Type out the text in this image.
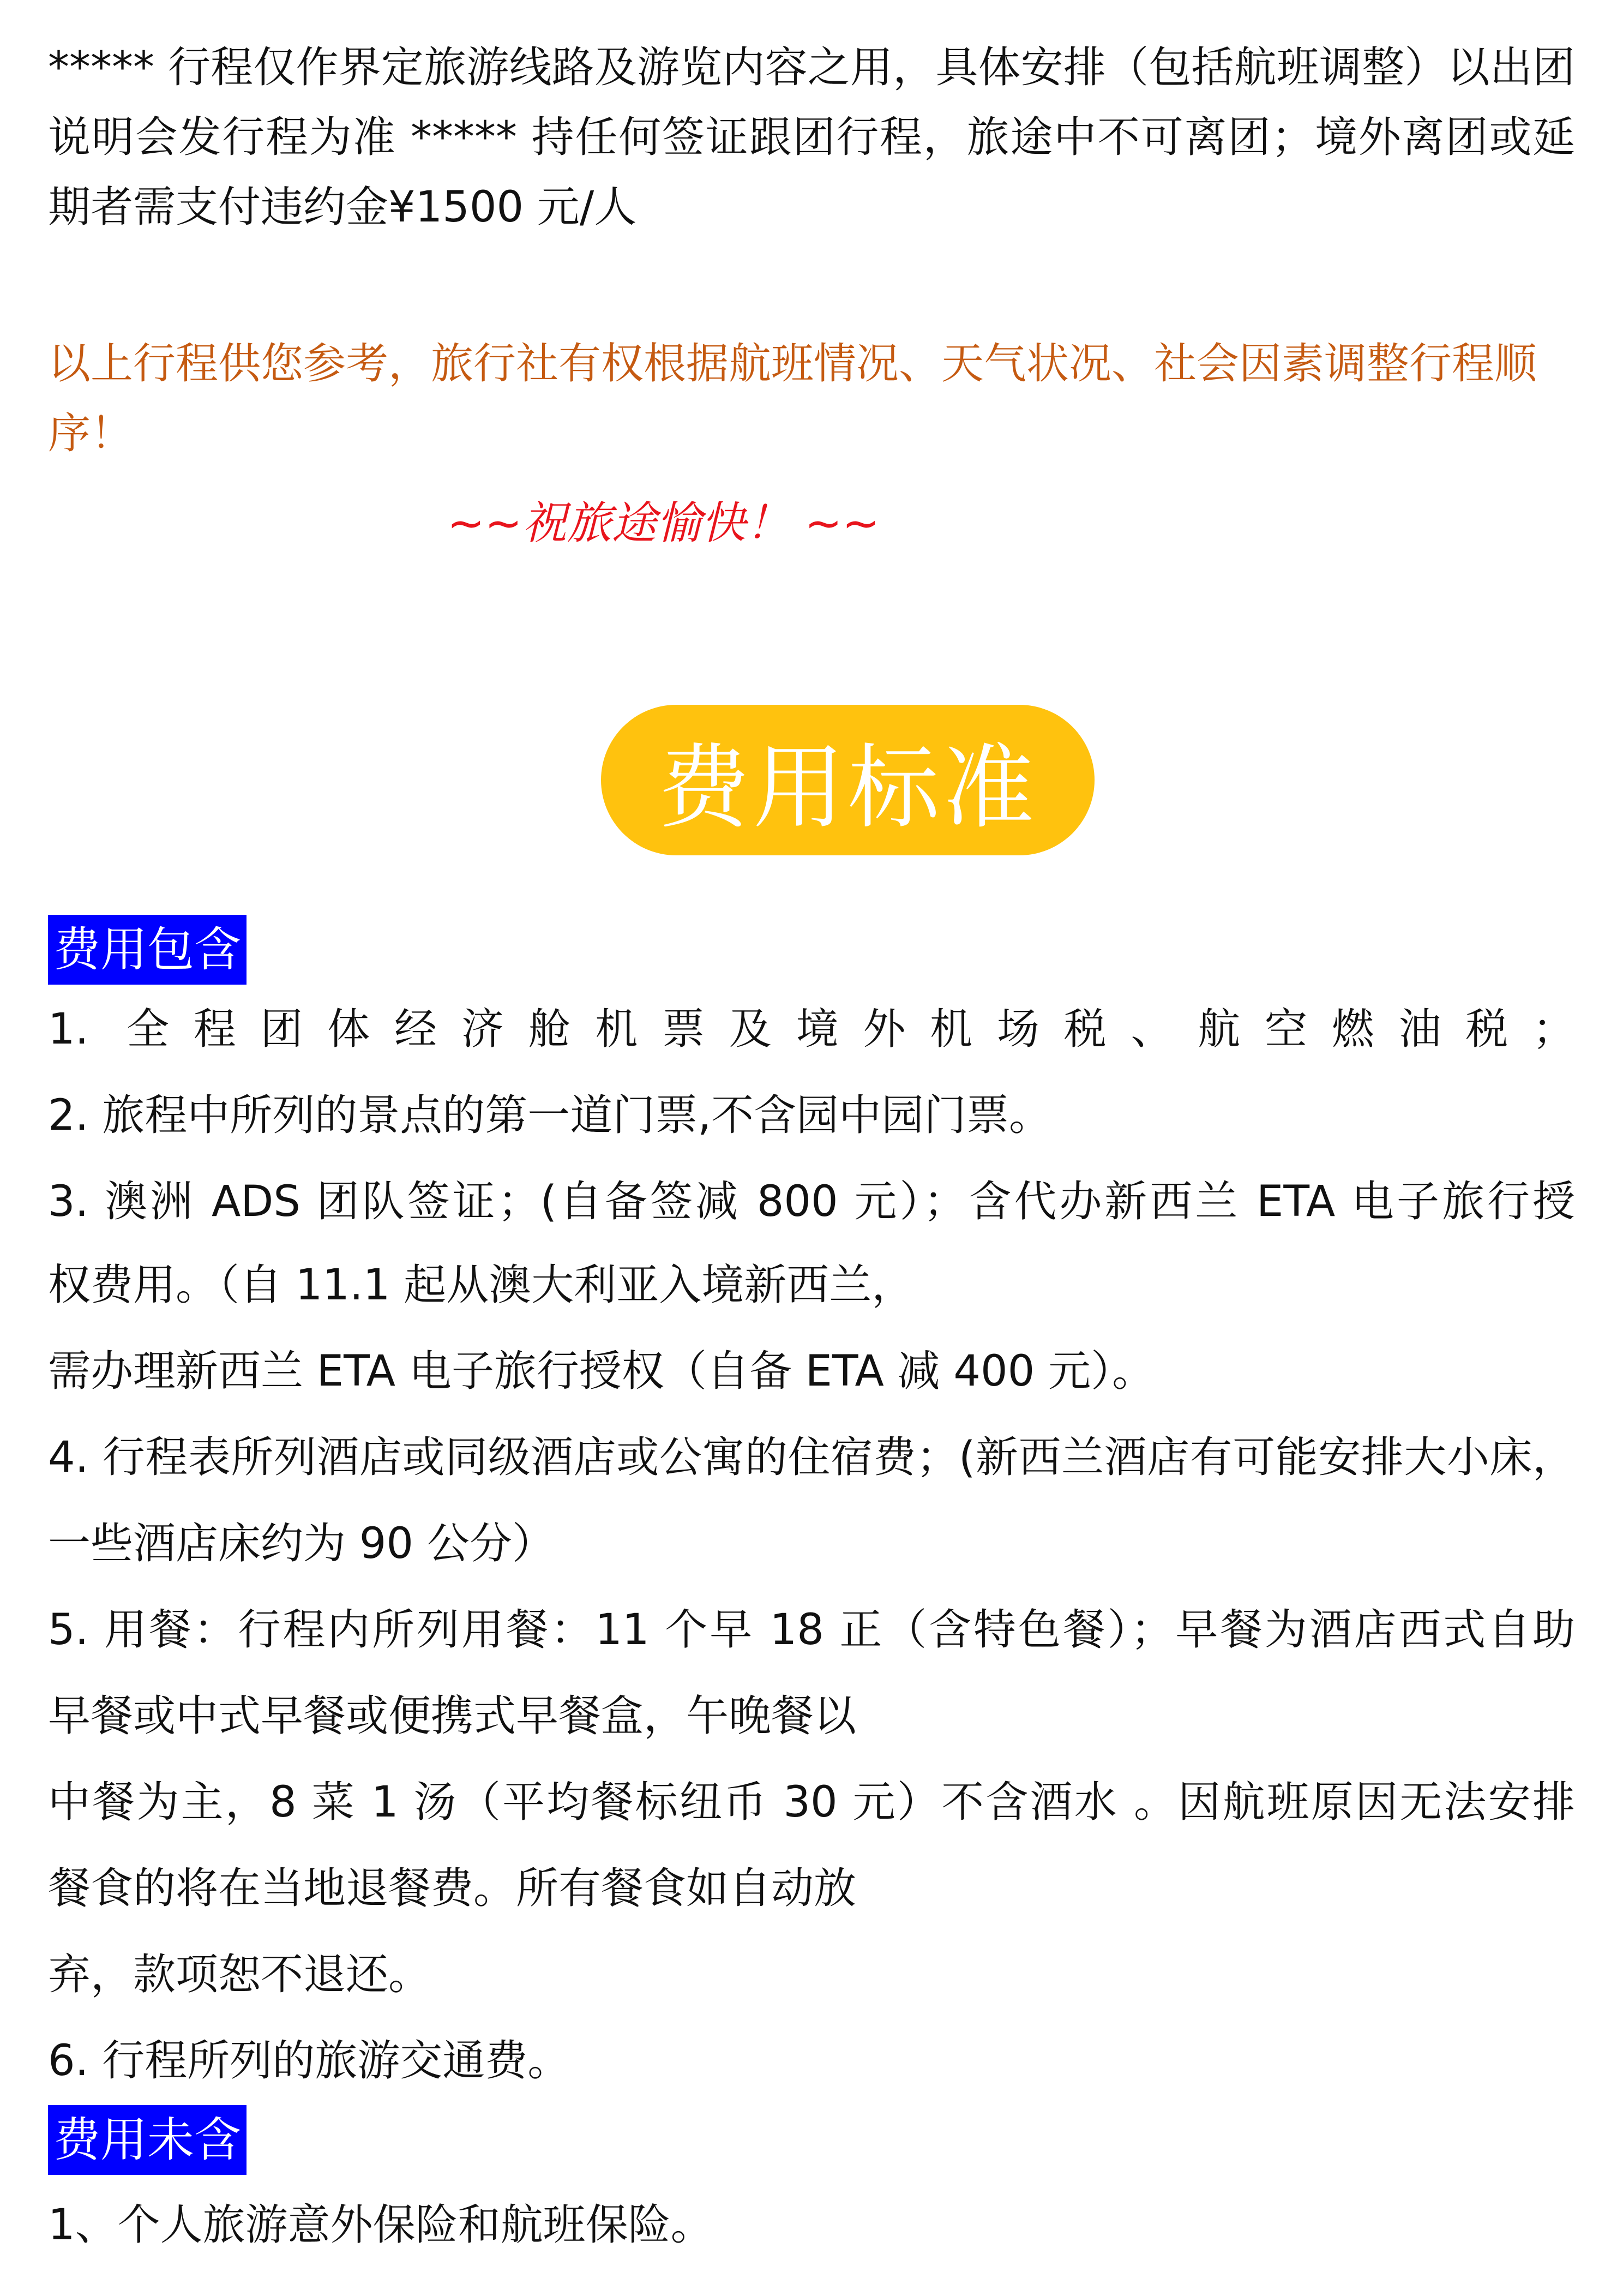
***** 行程仅作界定旅游线路及游览内容之用，具体安排（包括航班调整）以出团说明会发行程为准 ***** 持任何签证跟团行程，旅途中不可离团；境外离团或延期者需支付违约金¥1500 元/人

以上行程供您参考，旅行社有权根据航班情况、天气状况、社会因素调整行程顺序！

~~祝旅途愉快！ ~~
费用标准
费用包含
1. 全程团体经济舱机票及境外机场税、航空燃油税；
2. 旅程中所列的景点的第一道门票,不含园中园门票。
3. 澳洲 ADS 团队签证；(自备签减 800 元）；含代办新西兰 ETA 电子旅行授
权费用。（自 11.1 起从澳大利亚入境新西兰，
需办理新西兰 ETA 电子旅行授权（自备 ETA 减 400 元）。
4. 行程表所列酒店或同级酒店或公寓的住宿费；(新西兰酒店有可能安排大小床，
一些酒店床约为 90 公分）
5. 用餐：行程内所列用餐：11 个早 18 正（含特色餐）；早餐为酒店西式自助
早餐或中式早餐或便携式早餐盒，午晚餐以
中餐为主，8 菜 1 汤（平均餐标纽币 30 元）不含酒水 。因航班原因无法安排
餐食的将在当地退餐费。所有餐食如自动放
弃，款项恕不退还。
6. 行程所列的旅游交通费。
费用未含
1、个人旅游意外保险和航班保险。
